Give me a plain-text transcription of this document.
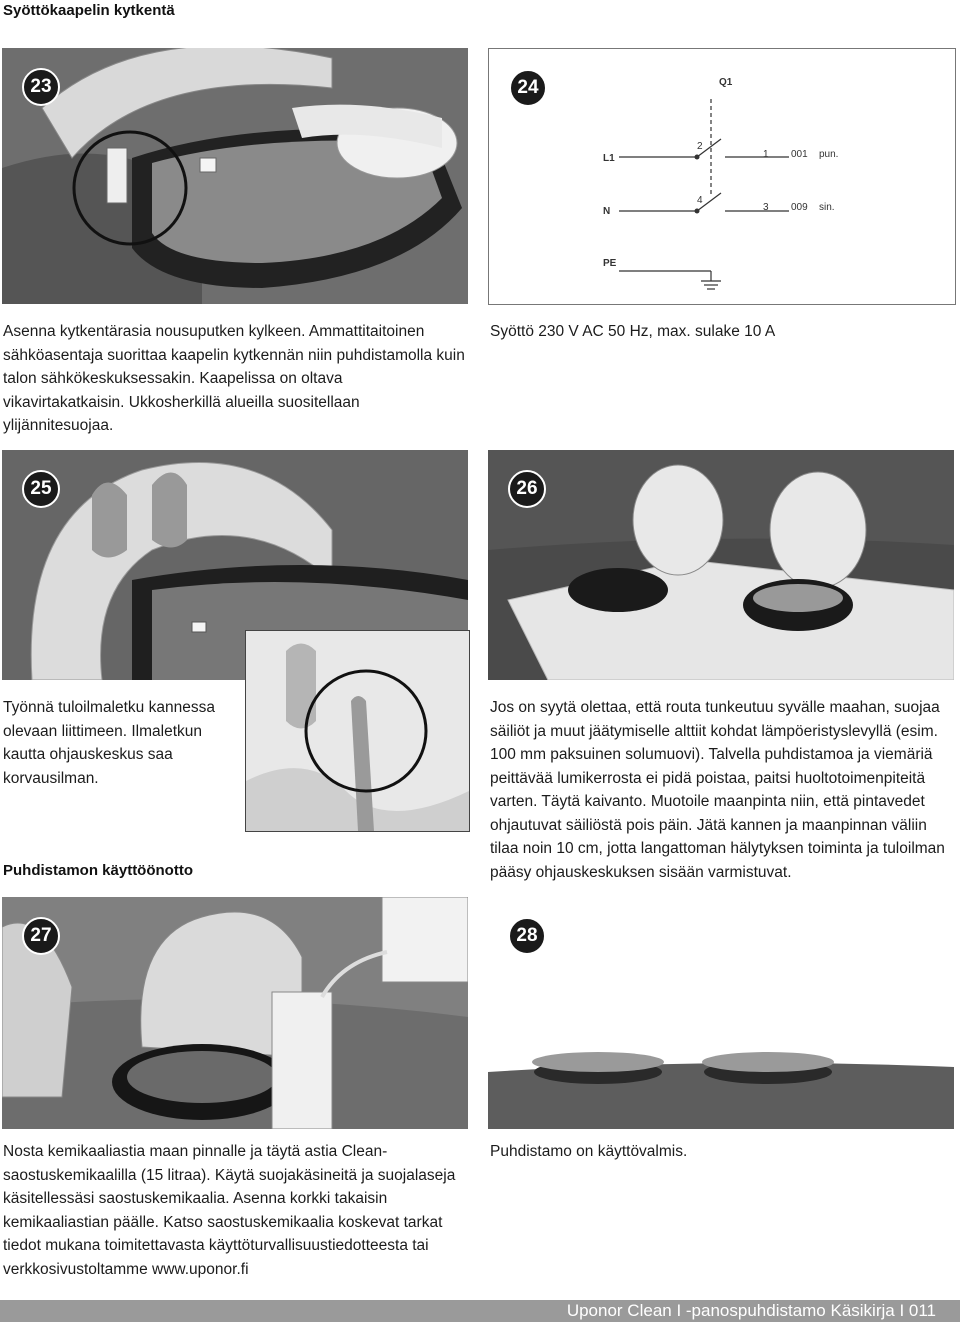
Syöttökaapelin kytkentä
23	Q1
L1
N
PE
2
4
1 001 pun.
3 009 sin.
24
Asenna kytkentärasia nousuputken kylkeen. Ammattitaitoinen sähköasentaja suorittaa kaapelin kytkennän niin puhdistamolla kuin talon sähkökeskuksessakin. Kaapelissa on oltava vikavirtakatkaisin. Ukkosherkillä alueilla suositellaan ylijännitesuojaa.
Syöttö 230 V AC 50 Hz, max. sulake 10 A
25	26
Työnnä tuloilmaletku kannessa olevaan liittimeen. Ilmaletkun kautta ohjauskeskus saa korvausilman.
Jos on syytä olettaa, että routa tunkeutuu syvälle maahan, suojaa säiliöt ja muut jäätymiselle alttiit kohdat lämpöeristyslevyllä (esim. 100 mm paksuinen solumuovi). Talvella puhdistamoa ja viemäriä peittävää lumikerrosta ei pidä poistaa, paitsi huoltotoimenpiteitä varten. Täytä kaivanto. Muotoile maanpinta niin, että pintavedet ohjautuvat säiliöstä pois päin. Jätä kannen ja maanpinnan väliin tilaa noin 10 cm, jotta langattoman hälytyksen toiminta ja tuloilman pääsy ohjauskeskuksen sisään varmistuvat.
Puhdistamon käyttöönotto
27	28
Nosta kemikaaliastia maan pinnalle ja täytä astia Clean-saostuskemikaalilla (15 litraa). Käytä suojakäsineitä ja suojalaseja käsitellessäsi saostuskemikaalia. Asenna korkki takaisin kemikaaliastian päälle. Katso saostuskemikaalia koskevat tarkat tiedot mukana toimitettavasta käyttöturvallisuustiedotteesta tai verkkosivustoltamme www.uponor.fi
Puhdistamo on käyttövalmis.
Uponor Clean I -panospuhdistamo Käsikirja I 011
